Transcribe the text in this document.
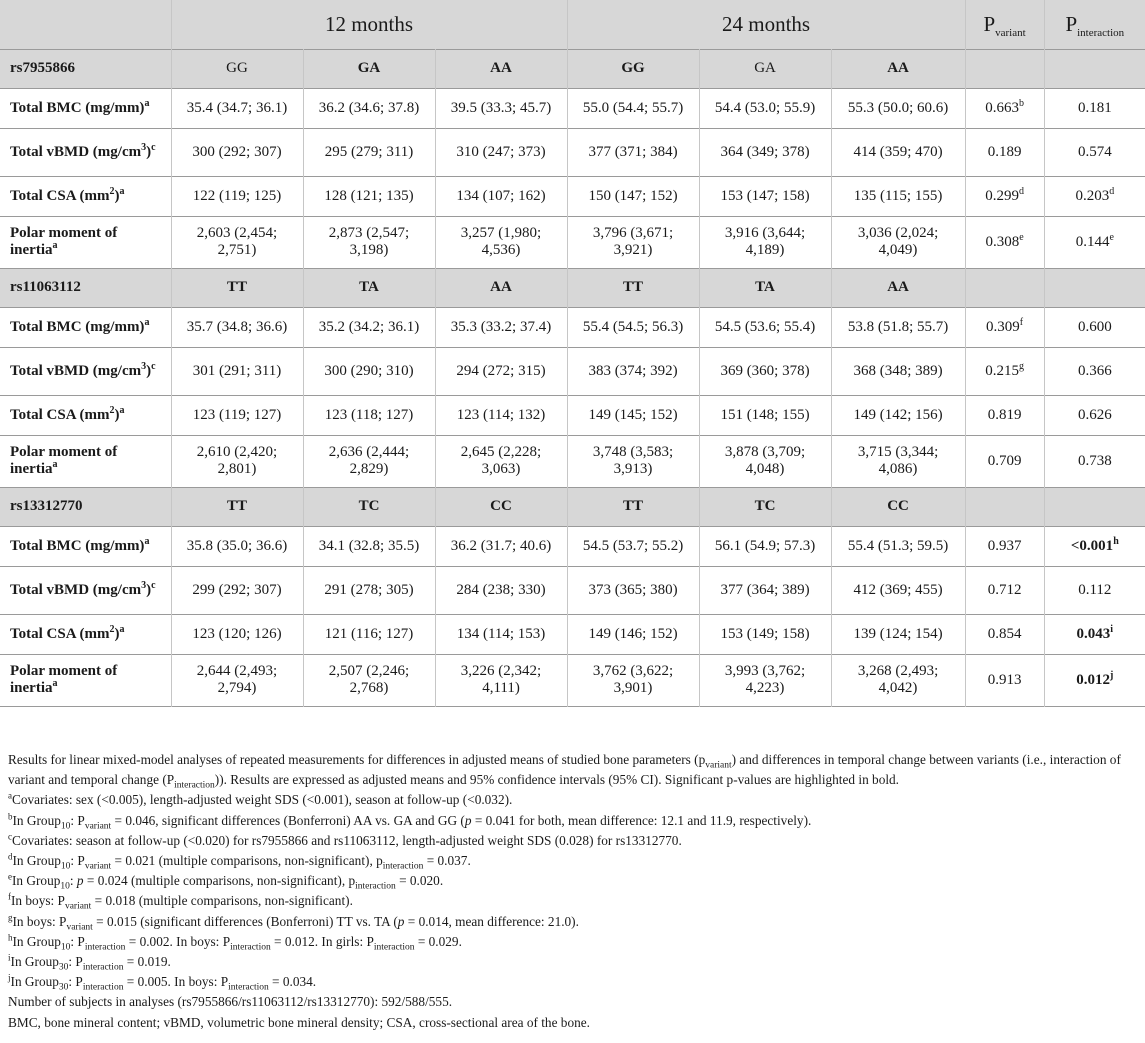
	12 months			24 months			$P_{variant}$	$P_{interaction}$
rs7955866	GG	GA	AA	GG	GA	AA		
Total BMC $(mg/mm)^a$	35.4 (34.7; 36.1)	36.2 (34.6; 37.8)	39.5 (33.3; 45.7)	55.0 (54.4; 55.7)	54.4 (53.0; 55.9)	55.3 (50.0; 60.6)	0.663$^b$	0.181
Total vBMD $(mg/cm^3)^c$	300 (292; 307)	295 (279; 311)	310 (247; 373)	377 (371; 384)	364 (349; 378)	414 (359; 470)	0.189	0.574
Total CSA $(mm^2)^a$	122 (119; 125)	128 (121; 135)	134 (107; 162)	150 (147; 152)	153 (147; 158)	135 (115; 155)	0.299$^d$	0.203$^d$
Polar moment of inertia$^a$	2,603 (2,454; 2,751)	2,873 (2,547; 3,198)	3,257 (1,980; 4,536)	3,796 (3,671; 3,921)	3,916 (3,644; 4,189)	3,036 (2,024; 4,049)	0.308e	0.144e
rs11063112	TT	TA	AA	TT	TA	AA		
Total BMC $(mg/mm)^a$	35.7 (34.8; 36.6)	35.2 (34.2; 36.1)	35.3 (33.2; 37.4)	55.4 (54.5; 56.3)	54.5 (53.6; 55.4)	53.8 (51.8; 55.7)	0.309$^f$	0.600
Total vBMD $(mg/cm^3)^c$	301 (291; 311)	300 (290; 310)	294 (272; 315)	383 (374; 392)	369 (360; 378)	368 (348; 389)	0.215$^g$	0.366
Total CSA $(mm^2)^a$	123 (119; 127)	123 (118; 127)	123 (114; 132)	149 (145; 152)	151 (148; 155)	149 (142; 156)	0.819	0.626
Polar moment of inertia$^a$	2,610 (2,420; 2,801)	2,636 (2,444; 2,829)	2,645 (2,228; 3,063)	3,748 (3,583; 3,913)	3,878 (3,709; 4,048)	3,715 (3,344; 4,086)	0.709	0.738
rs13312770	TT	TC	CC	TT	TC	CC		
Total BMC $(mg/mm)^a$	35.8 (35.0; 36.6)	34.1 (32.8; 35.5)	36.2 (31.7; 40.6)	54.5 (53.7; 55.2)	56.1 (54.9; 57.3)	55.4 (51.3; 59.5)	0.937	<0.001$^h$
Total vBMD $(mg/cm^3)^c$	299 (292; 307)	291 (278; 305)	284 (238; 330)	373 (365; 380)	377 (364; 389)	412 (369; 455)	0.712	0.112
Total CSA $(mm^2)^a$	123 (120; 126)	121 (116; 127)	134 (114; 153)	149 (146; 152)	153 (149; 158)	139 (124; 154)	0.854	0.043$^i$
Polar moment of inertia$^a$	2,644 (2,493; 2,794)	2,507 (2,246; 2,768)	3,226 (2,342; 4,111)	3,762 (3,622; 3,901)	3,993 (3,762; 4,223)	3,268 (2,493; 4,042)	0.913	0.012$^j$

Results for linear mixed-model analyses of repeated measurements for differences in adjusted means of studied bone parameters $(p_{variant})$ and differences in temporal change between variants (i.e., interaction of variant and temporal change $(P_{interaction})$). Results are expressed as adjusted means and 95% confidence intervals (95% CI). Significant p-values are highlighted in bold.

$^a$Covariates: sex (<0.005), length-adjusted weight SDS (<0.001), season at follow-up (<0.032).

$^b$In Group$_{10}$: $P_{variant} = 0.046$, significant differences (Bonferroni) AA vs. GA and GG (p = 0.041 for both, mean difference: 12.1 and 11.9, respectively).

$^c$Covariates: season at follow-up (<0.020) for rs7955866 and rs11063112, length-adjusted weight SDS (0.028) for rs13312770.

$^d$In Group$_{10}$: $P_{variant} = 0.021$ (multiple comparisons, non-significant), $p_{interaction} = 0.037$.

$^e$In Group$_{10}$: p = 0.024 (multiple comparisons, non-significant), $p_{interaction} = 0.020$.

$^f$In boys: $P_{variant} = 0.018$ (multiple comparisons, non-significant).

$^g$In boys: $P_{variant} = 0.015$ (significant differences (Bonferroni) TT vs. TA (p = 0.014, mean difference: 21.0).

$^h$In Group$_{10}$: $P_{interaction} = 0.002$. In boys: $P_{interaction} = 0.012$. In girls: $P_{interaction} = 0.029$.

$^i$In Group$_{30}$: $P_{interaction} = 0.019$.

$^j$In Group$_{30}$: $P_{interaction} = 0.005$. In boys: $P_{interaction} = 0.034$.

Number of subjects in analyses (rs7955866/rs11063112/rs13312770): 592/588/555.

BMC, bone mineral content; vBMD, volumetric bone mineral density; CSA, cross-sectional area of the bone.
